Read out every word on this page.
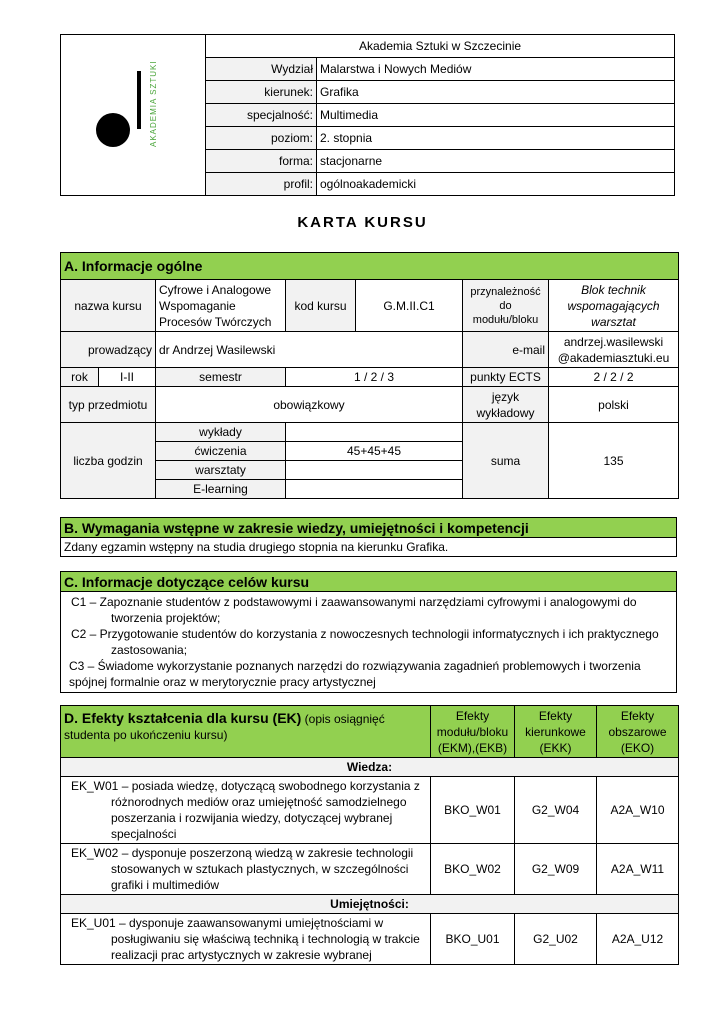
AKADEMIA SZTUKI	Akademia Sztuki w Szczecinie	
	Wydział	Malarstwa i Nowych Mediów
	kierunek:	Grafika
	specjalność:	Multimedia
	poziom:	2. stopnia
	forma:	stacjonarne
	profil:	ogólnoakademicki
KARTA KURSU
A. Informacje ogólne						
nazwa kursu		Cyfrowe i Analogowe Wspomaganie Procesów Twórczych	kod kursu	G.M.II.C1	przynależność do modułu/bloku	Blok technik wspomagających warsztat
prowadzący		dr Andrzej Wasilewski			e-mail	andrzej.wasilewski @akademiasztuki.eu
rok	I-II	semestr	1 / 2 / 3		punkty ECTS	2 / 2 / 2
typ przedmiotu		obowiązkowy			język wykładowy	polski
liczba godzin		wykłady			suma	135
		ćwiczenia	45+45+45			
		warsztaty				
		E-learning				
B. Wymagania wstępne w zakresie wiedzy, umiejętności i kompetencji
Zdany egzamin wstępny na studia drugiego stopnia na kierunku Grafika.
C. Informacje dotyczące celów kursu

C1 – Zapoznanie studentów z podstawowymi i zaawansowanymi narzędziami cyfrowymi i analogowymi do tworzenia projektów;
C2 – Przygotowanie studentów do korzystania z nowoczesnych technologii informatycznych i ich praktycznego zastosowania;
C3 – Świadome wykorzystanie poznanych narzędzi do rozwiązywania zagadnień problemowych i tworzenia spójnej formalnie oraz w merytorycznie pracy artystycznej
D. Efekty kształcenia dla kursu (EK) (opis osiągnięć studenta po ukończeniu kursu)	Efekty modułu/bloku (EKM),(EKB)	Efekty kierunkowe (EKK)	Efekty obszarowe (EKO)
Wiedza:			

EK_W01 – posiada wiedzę, dotyczącą swobodnego korzystania z różnorodnych mediów oraz umiejętność samodzielnego poszerzania i rozwijania wiedzy, dotyczącej wybranej specjalności	BKO_W01	G2_W04	A2A_W10

EK_W02 – dysponuje poszerzoną wiedzą w zakresie technologii stosowanych w sztukach plastycznych, w szczególności grafiki i multimediów	BKO_W02	G2_W09	A2A_W11
Umiejętności:			

EK_U01 – dysponuje zaawansowanymi umiejętnościami w posługiwaniu się właściwą techniką i technologią w trakcie realizacji prac artystycznych w zakresie wybranej	BKO_U01	G2_U02	A2A_U12
